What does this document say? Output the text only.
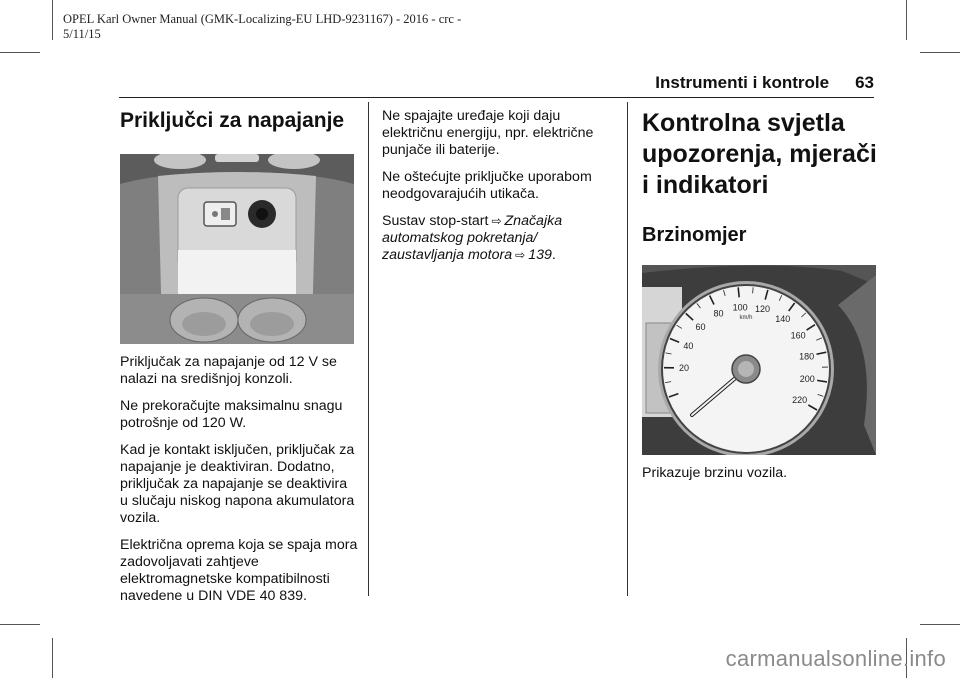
OPEL Karl Owner Manual (GMK-Localizing-EU LHD-9231167) - 2016 - crc -
5/11/15
Instrumenti i kontrole 63
Priključci za napajanje

Priključak za napajanje od 12 V se nalazi na središnjoj konzoli.

Ne prekoračujte maksimalnu snagu potrošnje od 120 W.

Kad je kontakt isključen, priključak za napajanje je deaktiviran. Dodatno, priključak za napajanje se deaktivira u slučaju niskog napona akumulatora vozila.

Električna oprema koja se spaja mora zadovoljavati zahtjeve elektromagnetske kompatibilnosti navedene u DIN VDE 40 839.

Ne spajajte uređaje koji daju električnu energiju, npr. električne punjače ili baterije.

Ne oštećujte priključke uporabom neodgovarajućih utikača.

Sustav stop-start ⇨ Značajka automatskog pokretanja/ zaustavljanja motora ⇨ 139.

Kontrolna svjetla upozorenja, mjerači i indikatori
Brzinomjer
20
40
60
80
100 120
140
160
180
200
220
km/h

Prikazuje brzinu vozila.

carmanualsonline.info
